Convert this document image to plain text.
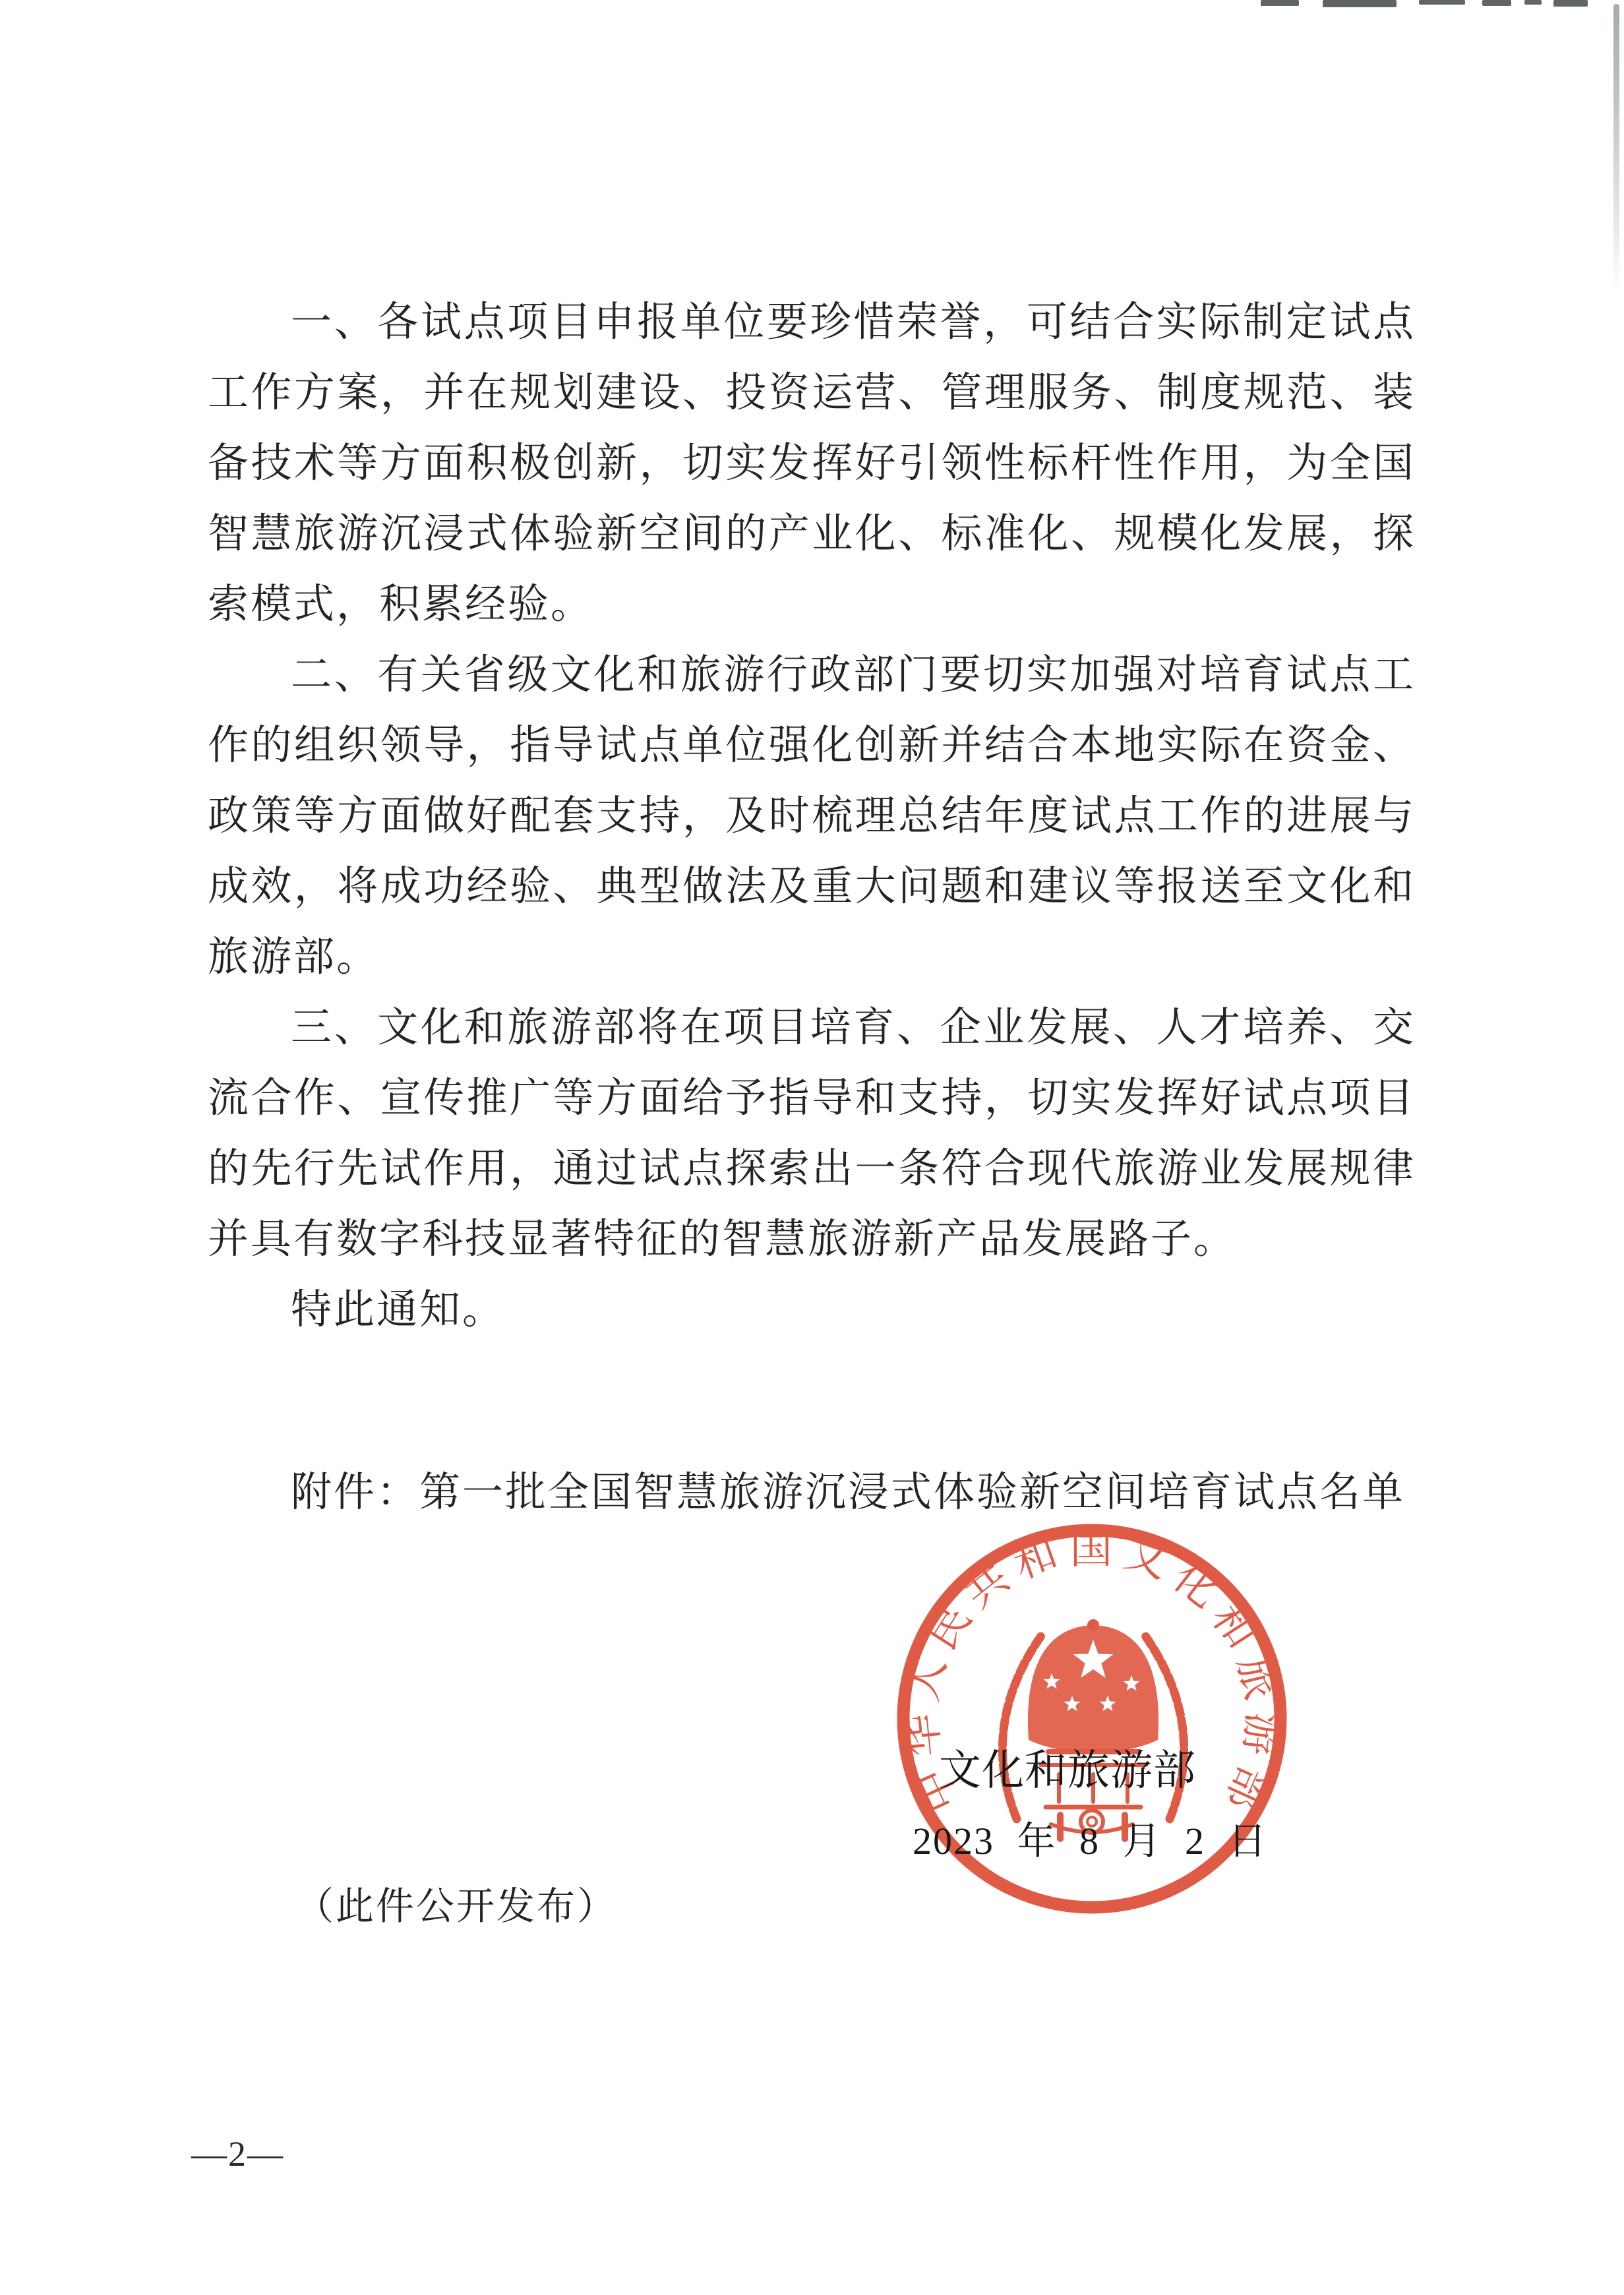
一、各试点项目申报单位要珍惜荣誉，可结合实际制定试点
工作方案，并在规划建设、投资运营、管理服务、制度规范、装
备技术等方面积极创新，切实发挥好引领性标杆性作用，为全国
智慧旅游沉浸式体验新空间的产业化、标准化、规模化发展，探
索模式，积累经验。
二、有关省级文化和旅游行政部门要切实加强对培育试点工
作的组织领导，指导试点单位强化创新并结合本地实际在资金、
政策等方面做好配套支持，及时梳理总结年度试点工作的进展与
成效，将成功经验、典型做法及重大问题和建议等报送至文化和
旅游部。
三、文化和旅游部将在项目培育、企业发展、人才培养、交
流合作、宣传推广等方面给予指导和支持，切实发挥好试点项目
的先行先试作用，通过试点探索出一条符合现代旅游业发展规律
并具有数字科技显著特征的智慧旅游新产品发展路子。
特此通知。
附件：第一批全国智慧旅游沉浸式体验新空间培育试点名单
中华人民共和国文化和旅游部
文化和旅游部
2023 年 8 月 2 日
（此件公开发布）
—2—
